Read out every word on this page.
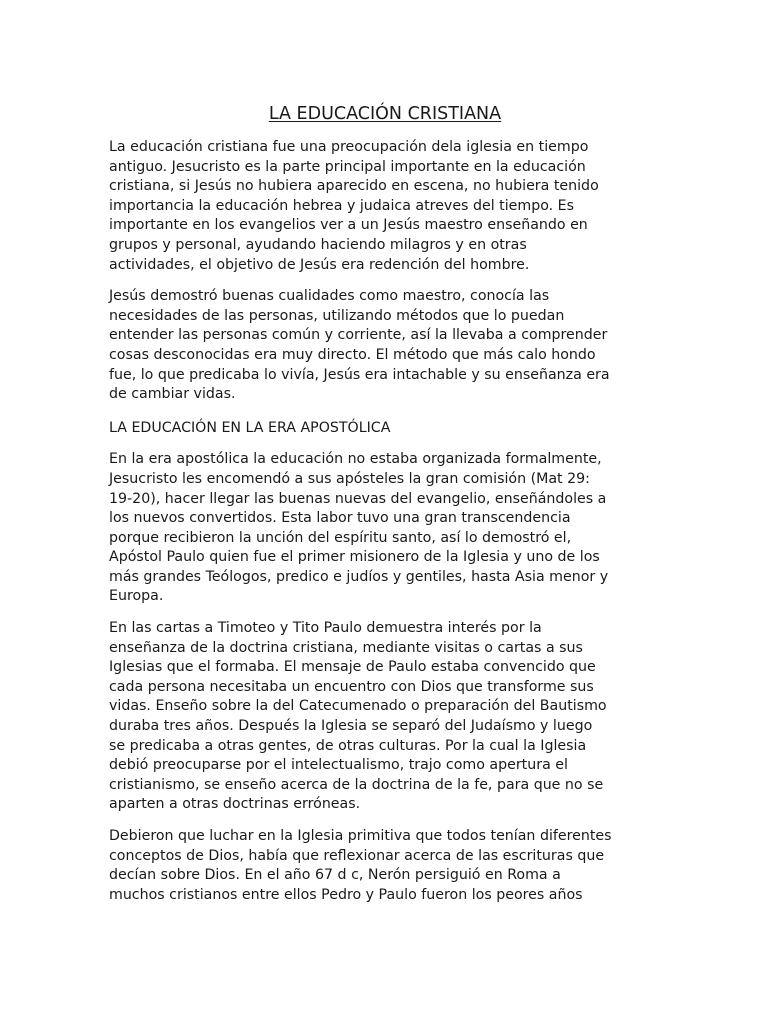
LA EDUCACIÓN CRISTIANA

La educación cristiana fue una preocupación dela iglesia en tiempo
antiguo. Jesucristo es la parte principal importante en la educación
cristiana, si Jesús no hubiera aparecido en escena, no hubiera tenido
importancia la educación hebrea y judaica atreves del tiempo. Es
importante en los evangelios ver a un Jesús maestro enseñando en
grupos y personal, ayudando haciendo milagros y en otras
actividades, el objetivo de Jesús era redención del hombre.

Jesús demostró buenas cualidades como maestro, conocía las
necesidades de las personas, utilizando métodos que lo puedan
entender las personas común y corriente, así la llevaba a comprender
cosas desconocidas era muy directo. El método que más calo hondo
fue, lo que predicaba lo vivía, Jesús era intachable y su enseñanza era
de cambiar vidas.

LA EDUCACIÓN EN LA ERA APOSTÓLICA

En la era apostólica la educación no estaba organizada formalmente,
Jesucristo les encomendó a sus apósteles la gran comisión (Mat 29:
19-20), hacer llegar las buenas nuevas del evangelio, enseñándoles a
los nuevos convertidos. Esta labor tuvo una gran transcendencia
porque recibieron la unción del espíritu santo, así lo demostró el,
Apóstol Paulo quien fue el primer misionero de la Iglesia y uno de los
más grandes Teólogos, predico e judíos y gentiles, hasta Asia menor y
Europa.

En las cartas a Timoteo y Tito Paulo demuestra interés por la
enseñanza de la doctrina cristiana, mediante visitas o cartas a sus
Iglesias que el formaba. El mensaje de Paulo estaba convencido que
cada persona necesitaba un encuentro con Dios que transforme sus
vidas. Enseño sobre la del Catecumenado o preparación del Bautismo
duraba tres años. Después la Iglesia se separó del Judaísmo y luego
se predicaba a otras gentes, de otras culturas. Por la cual la Iglesia
debió preocuparse por el intelectualismo, trajo como apertura el
cristianismo, se enseño acerca de la doctrina de la fe, para que no se
aparten a otras doctrinas erróneas.

Debieron que luchar en la Iglesia primitiva que todos tenían diferentes
conceptos de Dios, había que reflexionar acerca de las escrituras que
decían sobre Dios. En el año 67 d c, Nerón persiguió en Roma a
muchos cristianos entre ellos Pedro y Paulo fueron los peores años
